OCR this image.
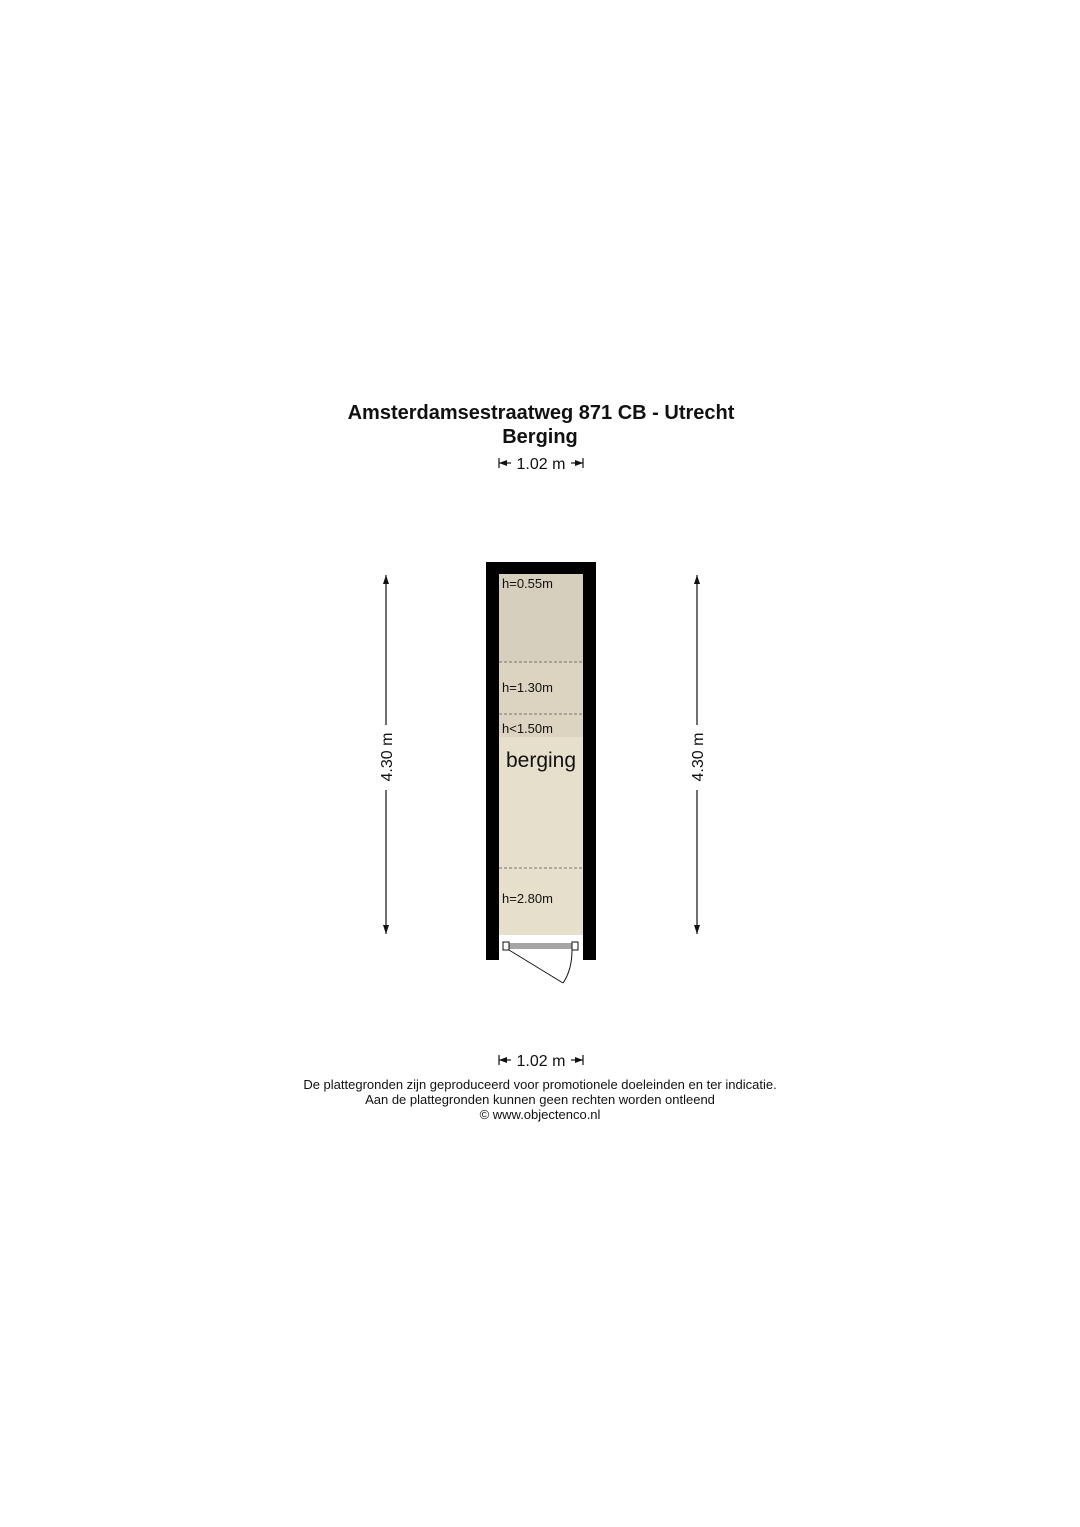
Amsterdamsestraatweg 871 CB - Utrecht
Berging
1.02 m
4.30 m	4.30 m
h=0.55m
h=1.30m
h<1.50m
h=2.80m
berging
1.02 m
De plattegronden zijn geproduceerd voor promotionele doeleinden en ter indicatie.
Aan de plattegronden kunnen geen rechten worden ontleend
© www.objectenco.nl
